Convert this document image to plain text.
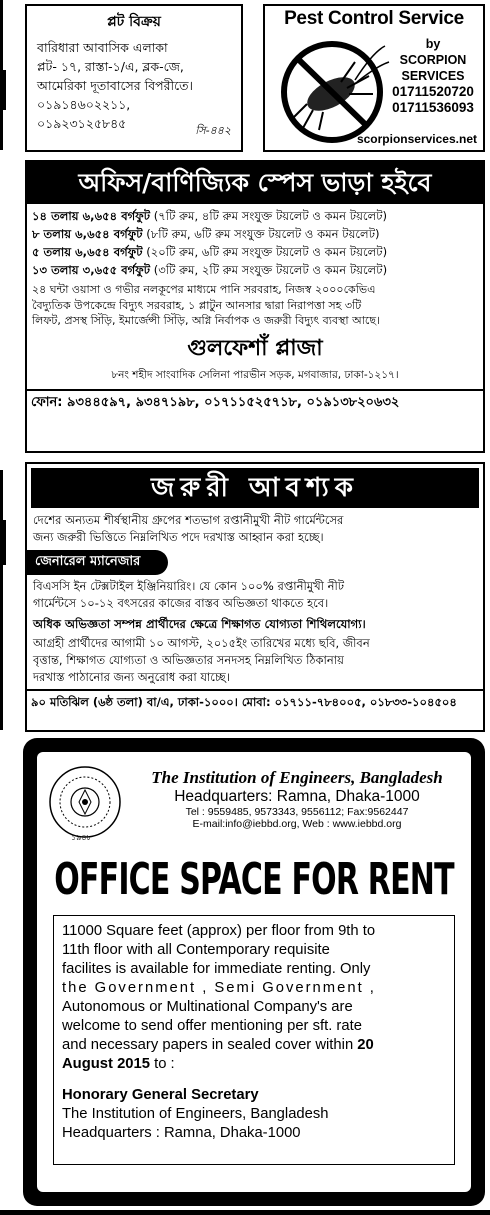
প্লট বিক্রয়
বারিধারা আবাসিক এলাকা
প্লট- ১৭, রাস্তা-১/এ, ব্লক-জে,
আমেরিকা দূতাবাসের বিপরীতে।
০১৯১৪৬০২২১১,
০১৯২৩১২৫৮৪৫	সি-৪৪২
Pest Control Service
by
SCORPION
SERVICES
01711520720
01711536093
scorpionservices.net
অফিস/বাণিজ্যিক স্পেস ভাড়া হইবে
১৪ তলায় ৬,৬৫৪ বর্গফুট (৭টি রুম, ৪টি রুম সংযুক্ত টয়লেট ও কমন টয়লেট)
৮ তলায় ৬,৬৫৪ বর্গফুট (৮টি রুম, ৬টি রুম সংযুক্ত টয়লেট ও কমন টয়লেট)
৫ তলায় ৬,৬৫৪ বর্গফুট (২০টি রুম, ৬টি রুম সংযুক্ত টয়লেট ও কমন টয়লেট)
১৩ তলায় ৩,৬৫৫ বর্গফুট (৩টি রুম, ২টি রুম সংযুক্ত টয়লেট ও কমন টয়লেট)
২৪ ঘন্টা ওয়াসা ও গভীর নলকূপের মাধ্যমে পানি সরবরাহ, নিজস্ব ২০০০কেভিএ
বৈদ্যুতিক উপকেন্দ্রে বিদ্যুৎ সরবরাহ, ১ প্লাটুন আনসার দ্বারা নিরাপত্তা সহ ৩টি
লিফট, প্রসস্থ সিঁড়ি, ইমার্জেন্সী সিঁড়ি, অগ্নি নির্বাপক ও জরুরী বিদ্যুৎ ব্যবস্থা আছে।
গুলফেশাঁ প্লাজা
৮নং শহীদ সাংবাদিক সেলিনা পারভীন সড়ক, মগবাজার, ঢাকা-১২১৭।
ফোন: ৯৩৪৪৫৯৭, ৯৩৪৭১৯৮, ০১৭১১৫২৫৭১৮, ০১৯১৩৮২০৬৩২
জরুরী আবশ্যক
দেশের অন্যতম শীর্ষস্থানীয় গ্রুপের শতভাগ রপ্তানীমুখী নীট গার্মেন্টসের
জন্য জরুরী ভিত্তিতে নিম্নলিখিত পদে দরখাস্ত আহ্বান করা হচ্ছে।
জেনারেল ম্যানেজার
বিএসসি ইন টেক্সটাইল ইঞ্জিনিয়ারিং। যে কোন ১০০% রপ্তানীমুখী নীট
গার্মেন্টসে ১০-১২ বৎসরের কাজের বাস্তব অভিজ্ঞতা থাকতে হবে।
অধিক অভিজ্ঞতা সম্পন্ন প্রার্থীদের ক্ষেত্রে শিক্ষাগত যোগ্যতা শিথিলযোগ্য।
আগ্রহী প্রার্থীদের আগামী ১০ আগস্ট, ২০১৫ইং তারিখের মধ্যে ছবি, জীবন
বৃত্তান্ত, শিক্ষাগত যোগ্যতা ও অভিজ্ঞতার সনদসহ নিম্নলিখিত ঠিকানায়
দরখাস্ত পাঠানোর জন্য অনুরোধ করা যাচ্ছে।
৯০ মতিঝিল (৬ষ্ঠ তলা) বা/এ, ঢাকা-১০০০। মোবা: ০১৭১১-৭৮৪০০৫, ০১৮৩৩-১০৪৫০৪
১৯৪৮
The Institution of Engineers, Bangladesh
Headquarters: Ramna, Dhaka-1000
Tel : 9559485, 9573343, 9556112; Fax:9562447
E-mail:info@iebbd.org, Web : www.iebbd.org
OFFICE SPACE FOR RENT
11000 Square feet (approx) per floor from 9th to
11th floor with all Contemporary requisite
facilites is available for immediate renting. Only
the Government , Semi Government ,
Autonomous or Multinational Company's are
welcome to send offer mentioning per sft. rate
and necessary papers in sealed cover within 20
August 2015 to :
Honorary General Secretary
The Institution of Engineers, Bangladesh
Headquarters : Ramna, Dhaka-1000
